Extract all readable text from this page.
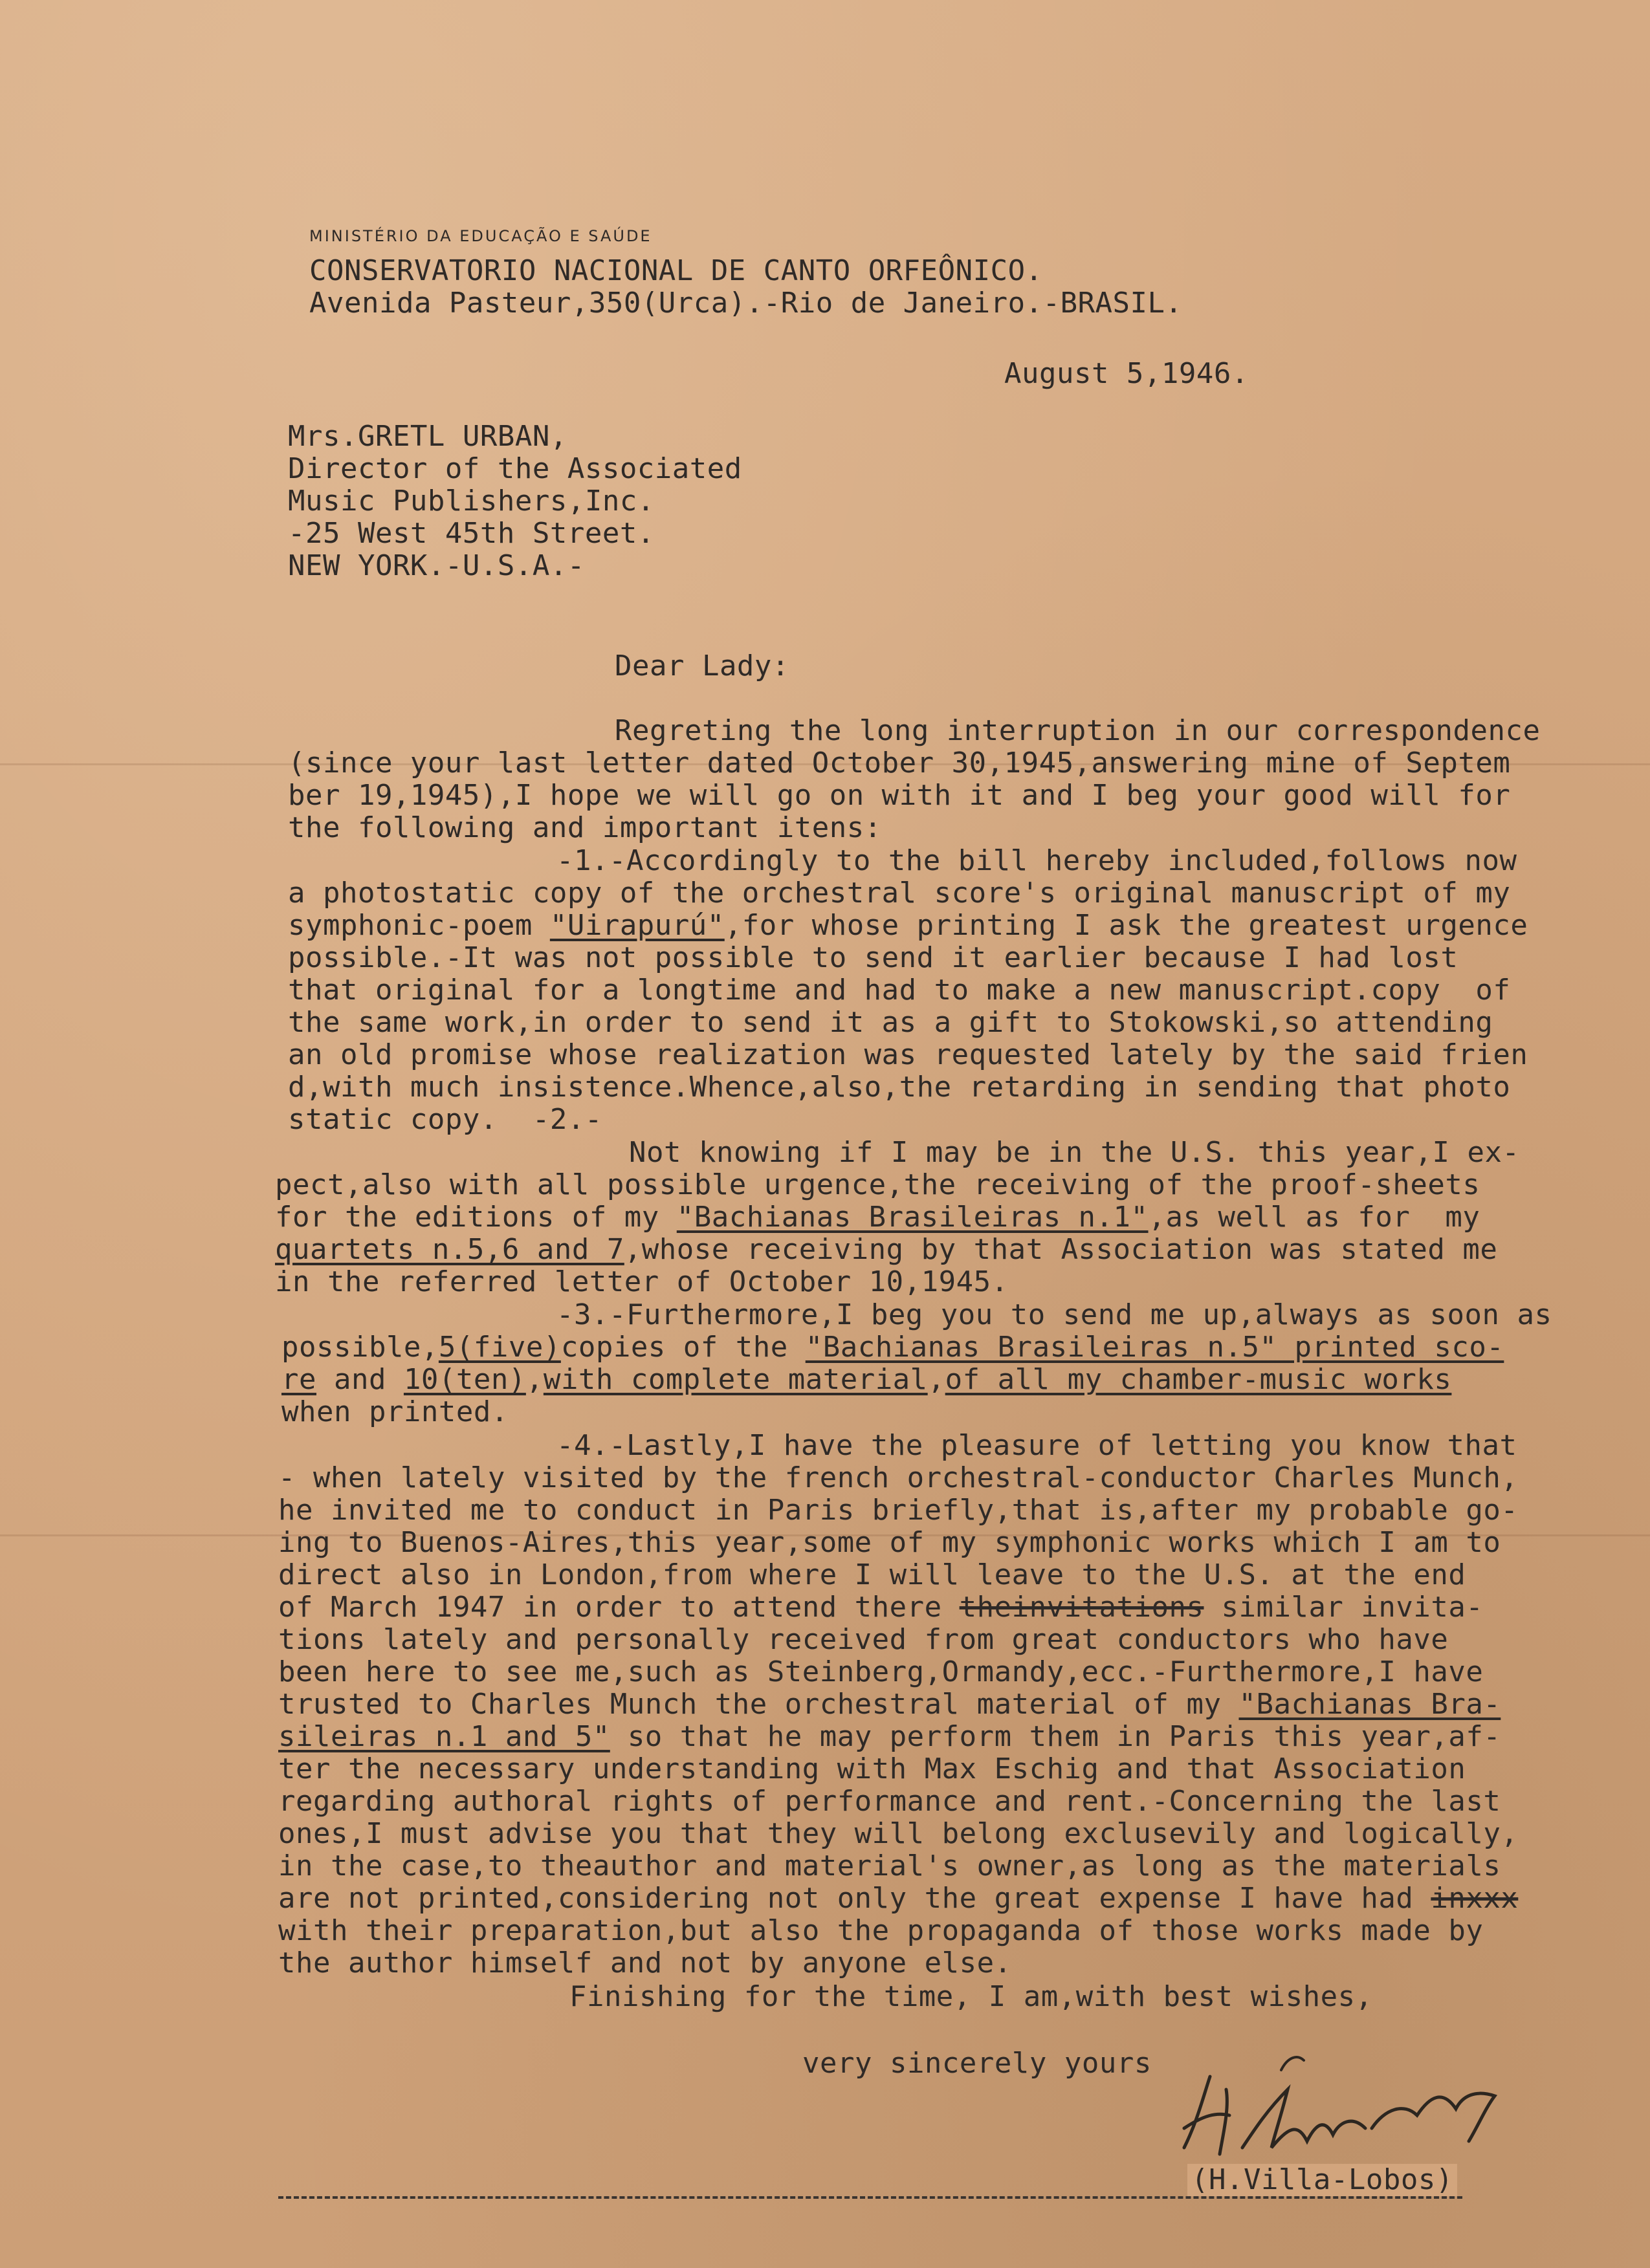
MINISTÉRIO DA EDUCAÇÃO E SAÚDE
CONSERVATORIO NACIONAL DE CANTO ORFEÔNICO.
Avenida Pasteur,350(Urca).-Rio de Janeiro.-BRASIL.
August 5,1946.
Mrs.GRETL URBAN,
Director of the Associated
Music Publishers,Inc.
-25 West 45th Street.
NEW YORK.-U.S.A.-
Dear Lady:
Regreting the long interruption in our correspondence
(since your last letter dated October 30,1945,answering mine of Septem
ber 19,1945),I hope we will go on with it and I beg your good will for
the following and important itens:
-1.-Accordingly to the bill hereby included,follows now
a photostatic copy of the orchestral score's original manuscript of my
symphonic-poem "Uirapurú",for whose printing I ask the greatest urgence
possible.-It was not possible to send it earlier because I had lost
that original for a longtime and had to make a new manuscript.copy  of
the same work,in order to send it as a gift to Stokowski,so attending
an old promise whose realization was requested lately by the said frien
d,with much insistence.Whence,also,the retarding in sending that photo
static copy.  -2.-
Not knowing if I may be in the U.S. this year,I ex-
pect,also with all possible urgence,the receiving of the proof-sheets
for the editions of my "Bachianas Brasileiras n.1",as well as for  my
quartets n.5,6 and 7,whose receiving by that Association was stated me
in the referred letter of October 10,1945.
-3.-Furthermore,I beg you to send me up,always as soon as
possible,5(five)copies of the "Bachianas Brasileiras n.5" printed sco-
re and 10(ten),with complete material,of all my chamber-music works
when printed.
-4.-Lastly,I have the pleasure of letting you know that
- when lately visited by the french orchestral-conductor Charles Munch,
he invited me to conduct in Paris briefly,that is,after my probable go-
ing to Buenos-Aires,this year,some of my symphonic works which I am to
direct also in London,from where I will leave to the U.S. at the end
of March 1947 in order to attend there theinvitations similar invita-
tions lately and personally received from great conductors who have
been here to see me,such as Steinberg,Ormandy,ecc.-Furthermore,I have
trusted to Charles Munch the orchestral material of my "Bachianas Bra-
sileiras n.1 and 5" so that he may perform them in Paris this year,af-
ter the necessary understanding with Max Eschig and that Association
regarding authoral rights of performance and rent.-Concerning the last
ones,I must advise you that they will belong exclusevily and logically,
in the case,to theauthor and material's owner,as long as the materials
are not printed,considering not only the great expense I have had inxxx
with their preparation,but also the propaganda of those works made by
the author himself and not by anyone else.
Finishing for the time, I am,with best wishes,
very sincerely yours
(H.Villa-Lobos)
